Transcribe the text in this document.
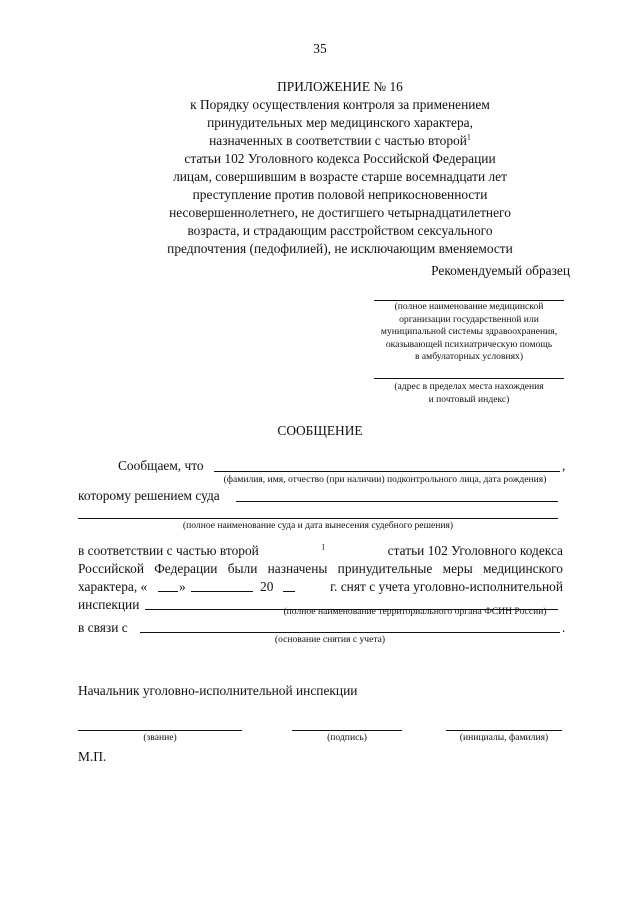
35
ПРИЛОЖЕНИЕ № 16
к Порядку осуществления контроля за применением
принудительных мер медицинского характера,
назначенных в соответствии с частью второй$^1$
статьи 102 Уголовного кодекса Российской Федерации
лицам, совершившим в возрасте старше восемнадцати лет
преступление против половой неприкосновенности
несовершеннолетнего, не достигшего четырнадцатилетнего
возраста, и страдающим расстройством сексуального
предпочтения (педофилией), не исключающим вменяемости
Рекомендуемый образец
(полное наименование медицинской
организации государственной или
муниципальной системы здравоохранения,
оказывающей психиатрическую помощь
в амбулаторных условиях)
(адрес в пределах места нахождения
и почтовый индекс)
СООБЩЕНИЕ
Сообщаем, что	,
(фамилия, имя, отчество (при наличии) подконтрольного лица, дата рождения)
которому решением суда
(полное наименование суда и дата вынесения судебного решения)
в соответствии с частью второй	$^1$	статьи 102 Уголовного кодекса
Российской Федерации были назначены принудительные меры медицинского
характера, «	»	20	г. снят с учета уголовно-исполнительной
инспекции	(полное наименование территориального органа ФСИН России)
в связи с	.
(основание снятия с учета)
Начальник уголовно-исполнительной инспекции
(звание)	(подпись)	(инициалы, фамилия)
М.П.
